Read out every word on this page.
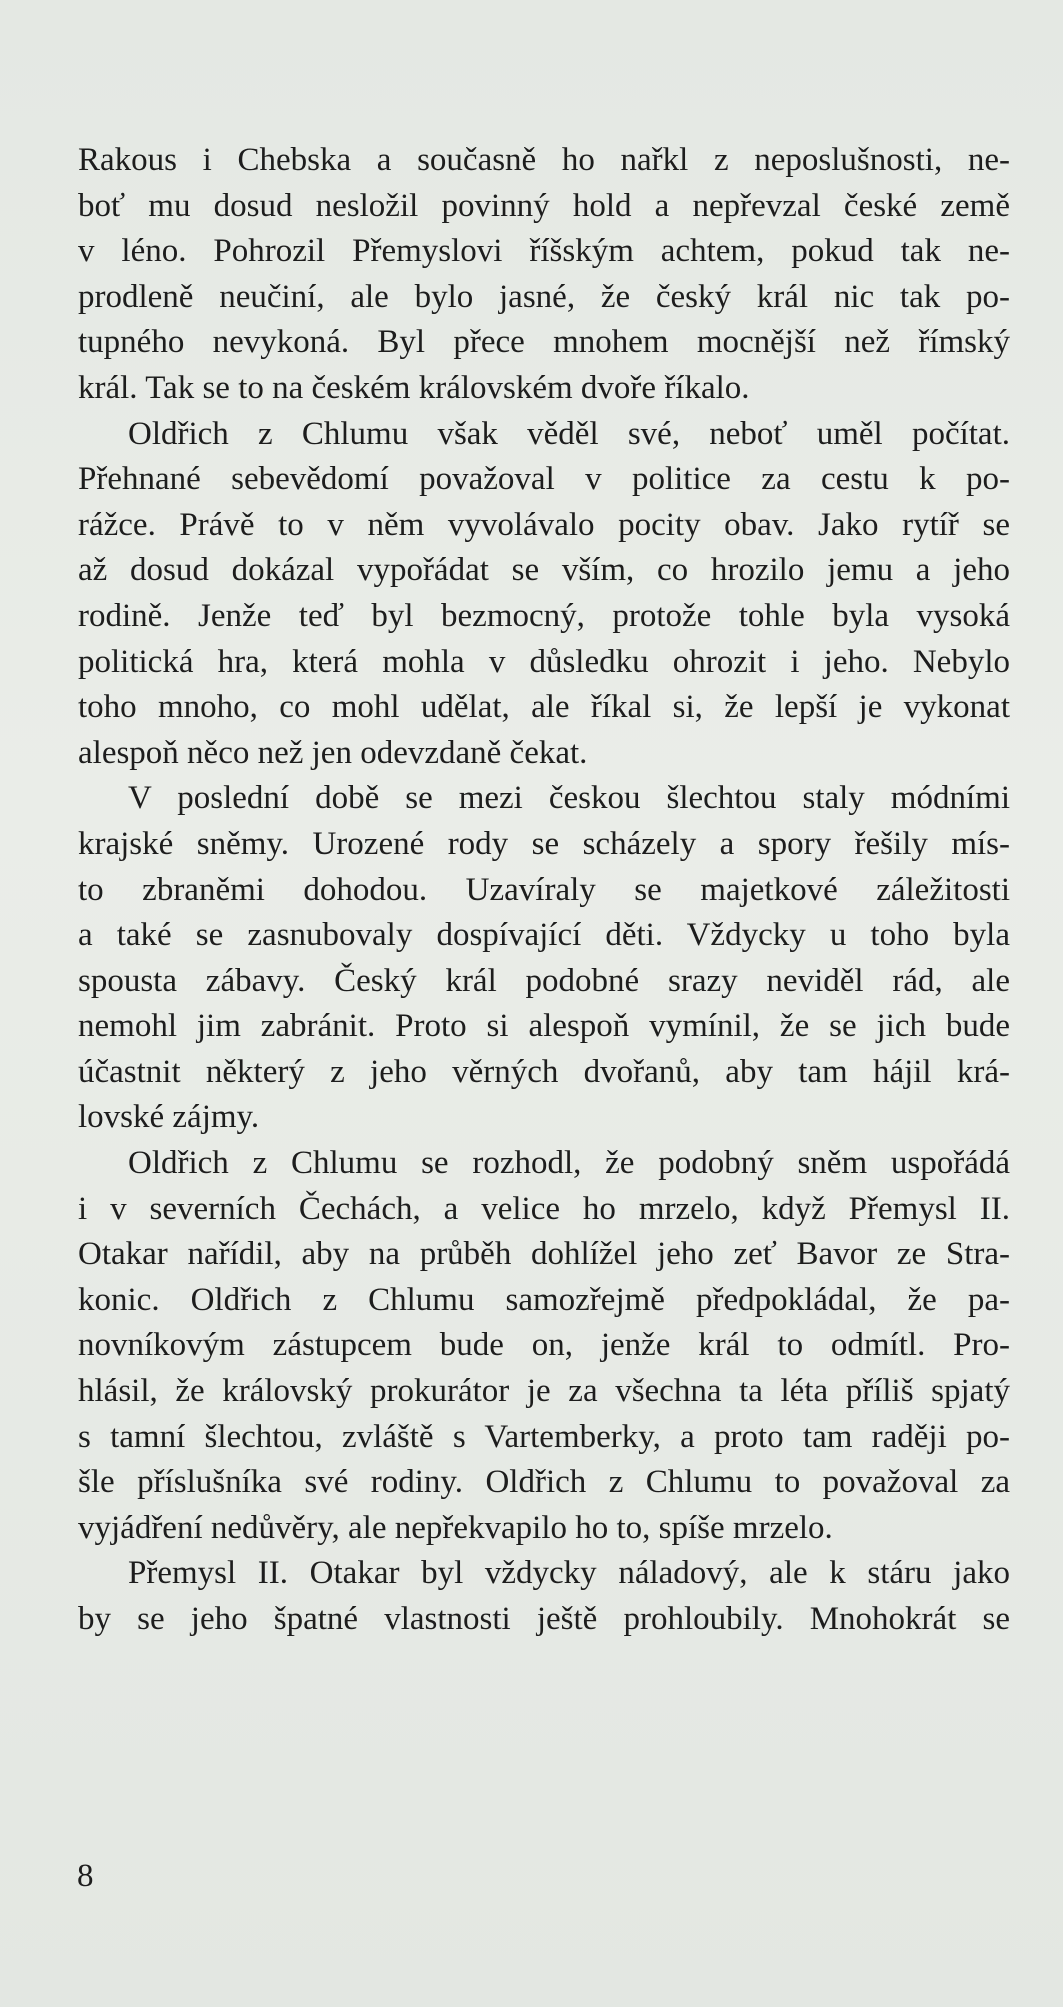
Rakous i Chebska a současně ho nařkl z neposlušnosti, ne-
boť mu dosud nesložil povinný hold a nepřevzal české země
v léno. Pohrozil Přemyslovi říšským achtem, pokud tak ne-
prodleně neučiní, ale bylo jasné, že český král nic tak po-
tupného nevykoná. Byl přece mnohem mocnější než římský
král. Tak se to na českém královském dvoře říkalo.
Oldřich z Chlumu však věděl své, neboť uměl počítat.
Přehnané sebevědomí považoval v politice za cestu k po-
rážce. Právě to v něm vyvolávalo pocity obav. Jako rytíř se
až dosud dokázal vypořádat se vším, co hrozilo jemu a jeho
rodině. Jenže teď byl bezmocný, protože tohle byla vysoká
politická hra, která mohla v důsledku ohrozit i jeho. Nebylo
toho mnoho, co mohl udělat, ale říkal si, že lepší je vykonat
alespoň něco než jen odevzdaně čekat.
V poslední době se mezi českou šlechtou staly módními
krajské sněmy. Urozené rody se scházely a spory řešily mís-
to zbraněmi dohodou. Uzavíraly se majetkové záležitosti
a také se zasnubovaly dospívající děti. Vždycky u toho byla
spousta zábavy. Český král podobné srazy neviděl rád, ale
nemohl jim zabránit. Proto si alespoň vymínil, že se jich bude
účastnit některý z jeho věrných dvořanů, aby tam hájil krá-
lovské zájmy.
Oldřich z Chlumu se rozhodl, že podobný sněm uspořádá
i v severních Čechách, a velice ho mrzelo, když Přemysl II.
Otakar nařídil, aby na průběh dohlížel jeho zeť Bavor ze Stra-
konic. Oldřich z Chlumu samozřejmě předpokládal, že pa-
novníkovým zástupcem bude on, jenže král to odmítl. Pro-
hlásil, že královský prokurátor je za všechna ta léta příliš spjatý
s tamní šlechtou, zvláště s Vartemberky, a proto tam raději po-
šle příslušníka své rodiny. Oldřich z Chlumu to považoval za
vyjádření nedůvěry, ale nepřekvapilo ho to, spíše mrzelo.
Přemysl II. Otakar byl vždycky náladový, ale k stáru jako
by se jeho špatné vlastnosti ještě prohloubily. Mnohokrát se
8
